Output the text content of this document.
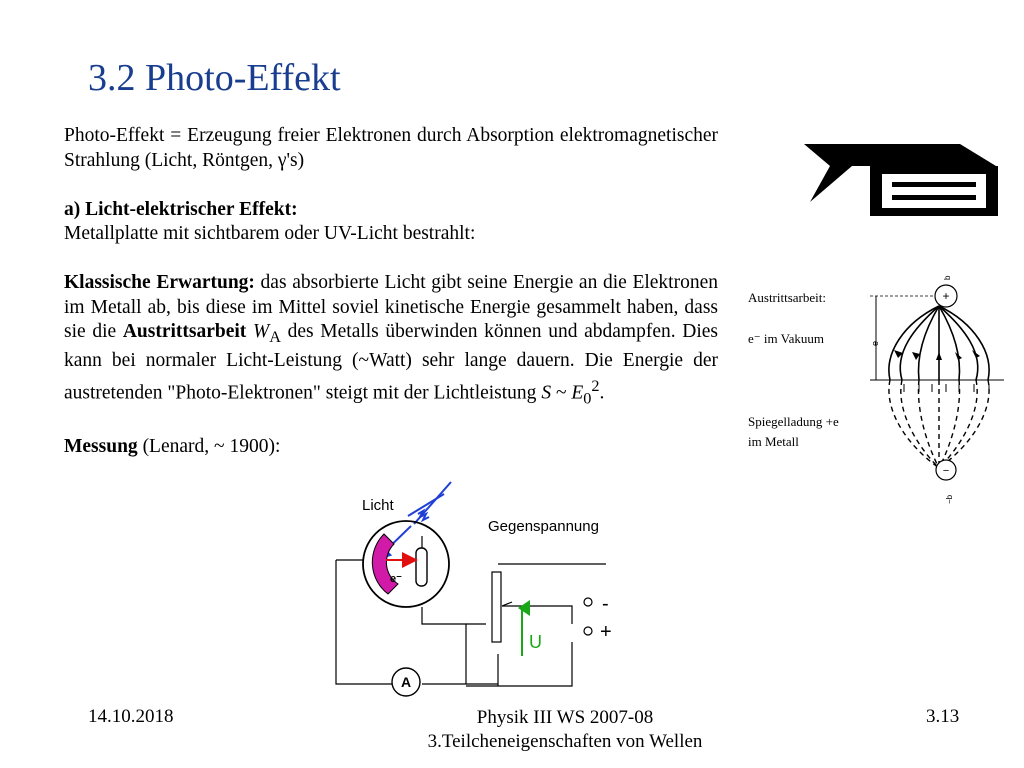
3.2 Photo-Effekt

Photo-Effekt = Erzeugung freier Elektronen durch Absorption elektromagnetischer Strahlung (Licht, Röntgen, γ's)

a) Licht-elektrischer Effekt:

Metallplatte mit sichtbarem oder UV-Licht bestrahlt:

Klassische Erwartung: das absorbierte Licht gibt seine Energie an die Elektronen im Metall ab, bis diese im Mittel soviel kinetische Energie gesammelt haben, dass sie die Austrittsarbeit $W_A$ des Metalls überwinden können und abdampfen. Dies kann bei normaler Licht-Leistung (~Watt) sehr lange dauern. Die Energie der austretenden "Photo-Elektronen" steigt mit der Lichtleistung S ~ $E_0^2$.

Messung (Lenard, ~ 1900):

Austrittsarbeit:
e⁻ im Vakuum
Spiegelladung +e
im Metall
e
b
−b
+
−
Licht
Gegenspannung
e⁻
-
+
U
A
14.10.2018	Physik III WS 2007-08
3.Teilcheneigenschaften von Wellen
3.13
